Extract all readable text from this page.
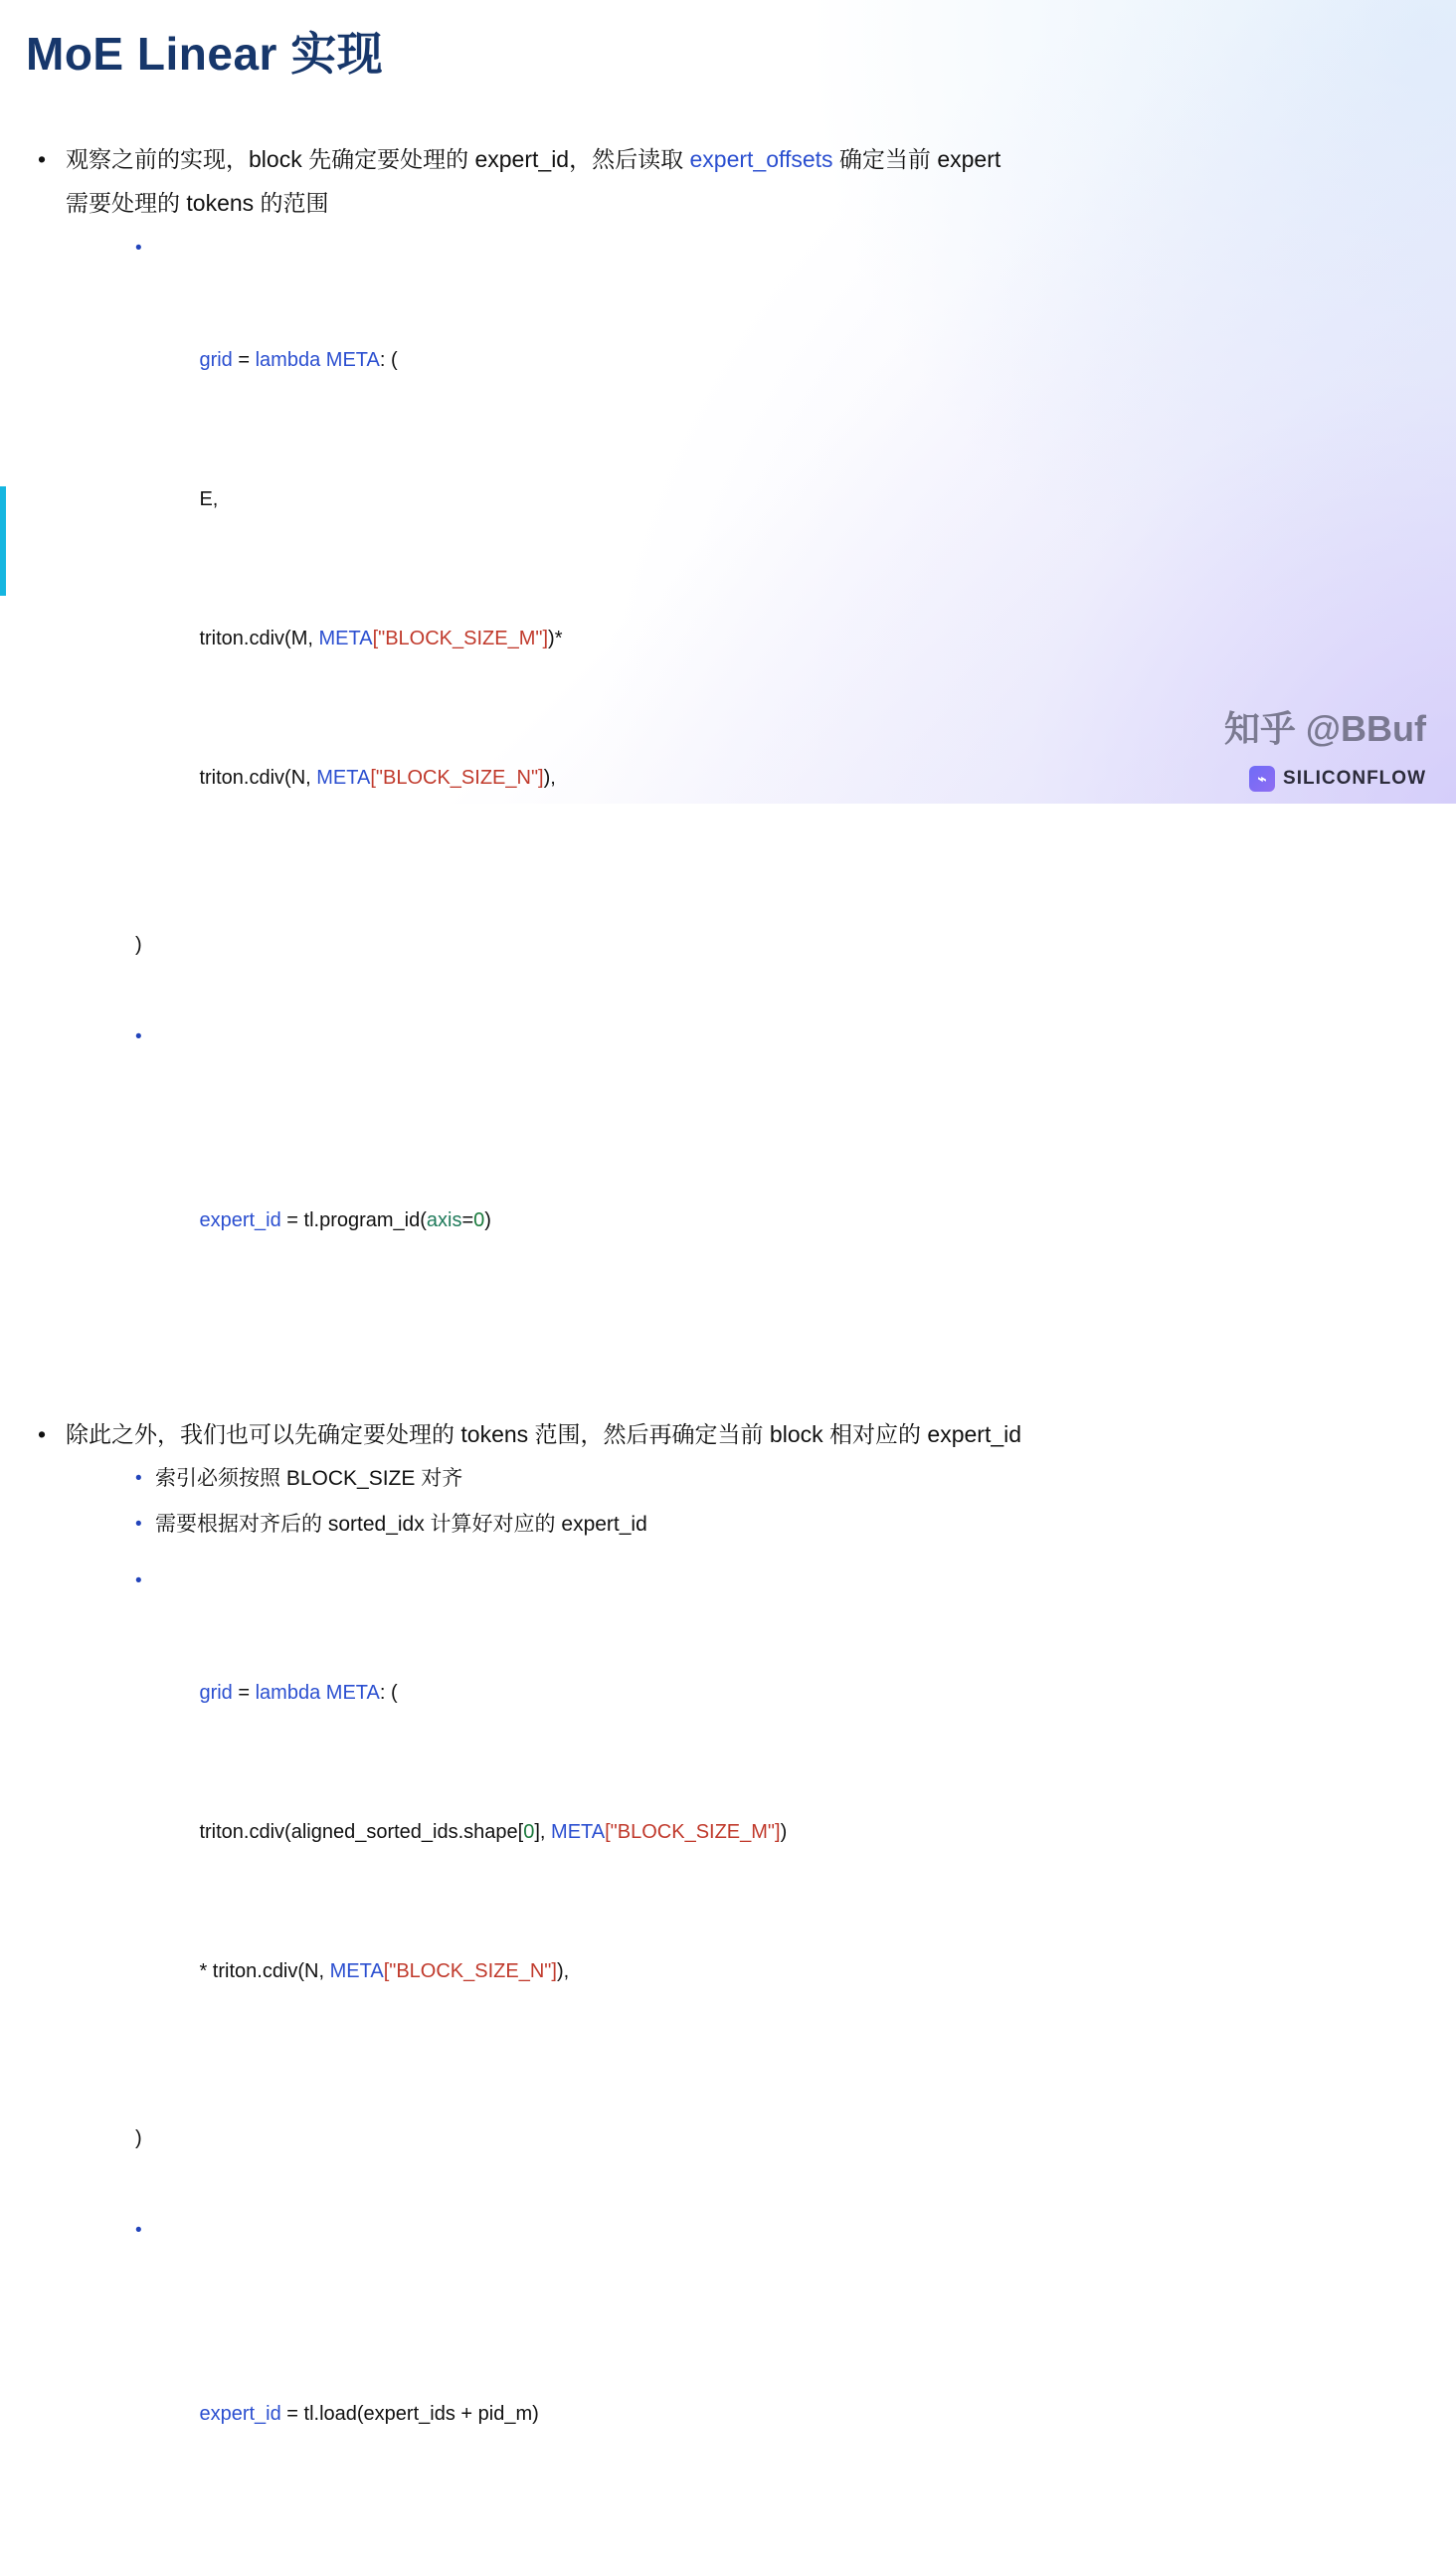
MoE Linear 实现
• 观察之前的实现，block 先确定要处理的 expert_id，然后读取 expert_offsets 确定当前 expert
需要处理的 tokens 的范围

•

grid = lambda META: (

E,

triton.cdiv(M, META["BLOCK_SIZE_M"])*

triton.cdiv(N, META["BLOCK_SIZE_N"]),

)

•

expert_id = tl.program_id(axis=0)

• 除此之外，我们也可以先确定要处理的 tokens 范围，然后再确定当前 block 相对应的 expert_id
• 索引必须按照 BLOCK_SIZE 对齐
• 需要根据对齐后的 sorted_idx 计算好对应的 expert_id

•

grid = lambda META: (

triton.cdiv(aligned_sorted_ids.shape[0], META["BLOCK_SIZE_M"])

* triton.cdiv(N, META["BLOCK_SIZE_N"]),

)

•

expert_id = tl.load(expert_ids + pid_m)

知乎 @BBuf
⌁ SILICONFLOW
